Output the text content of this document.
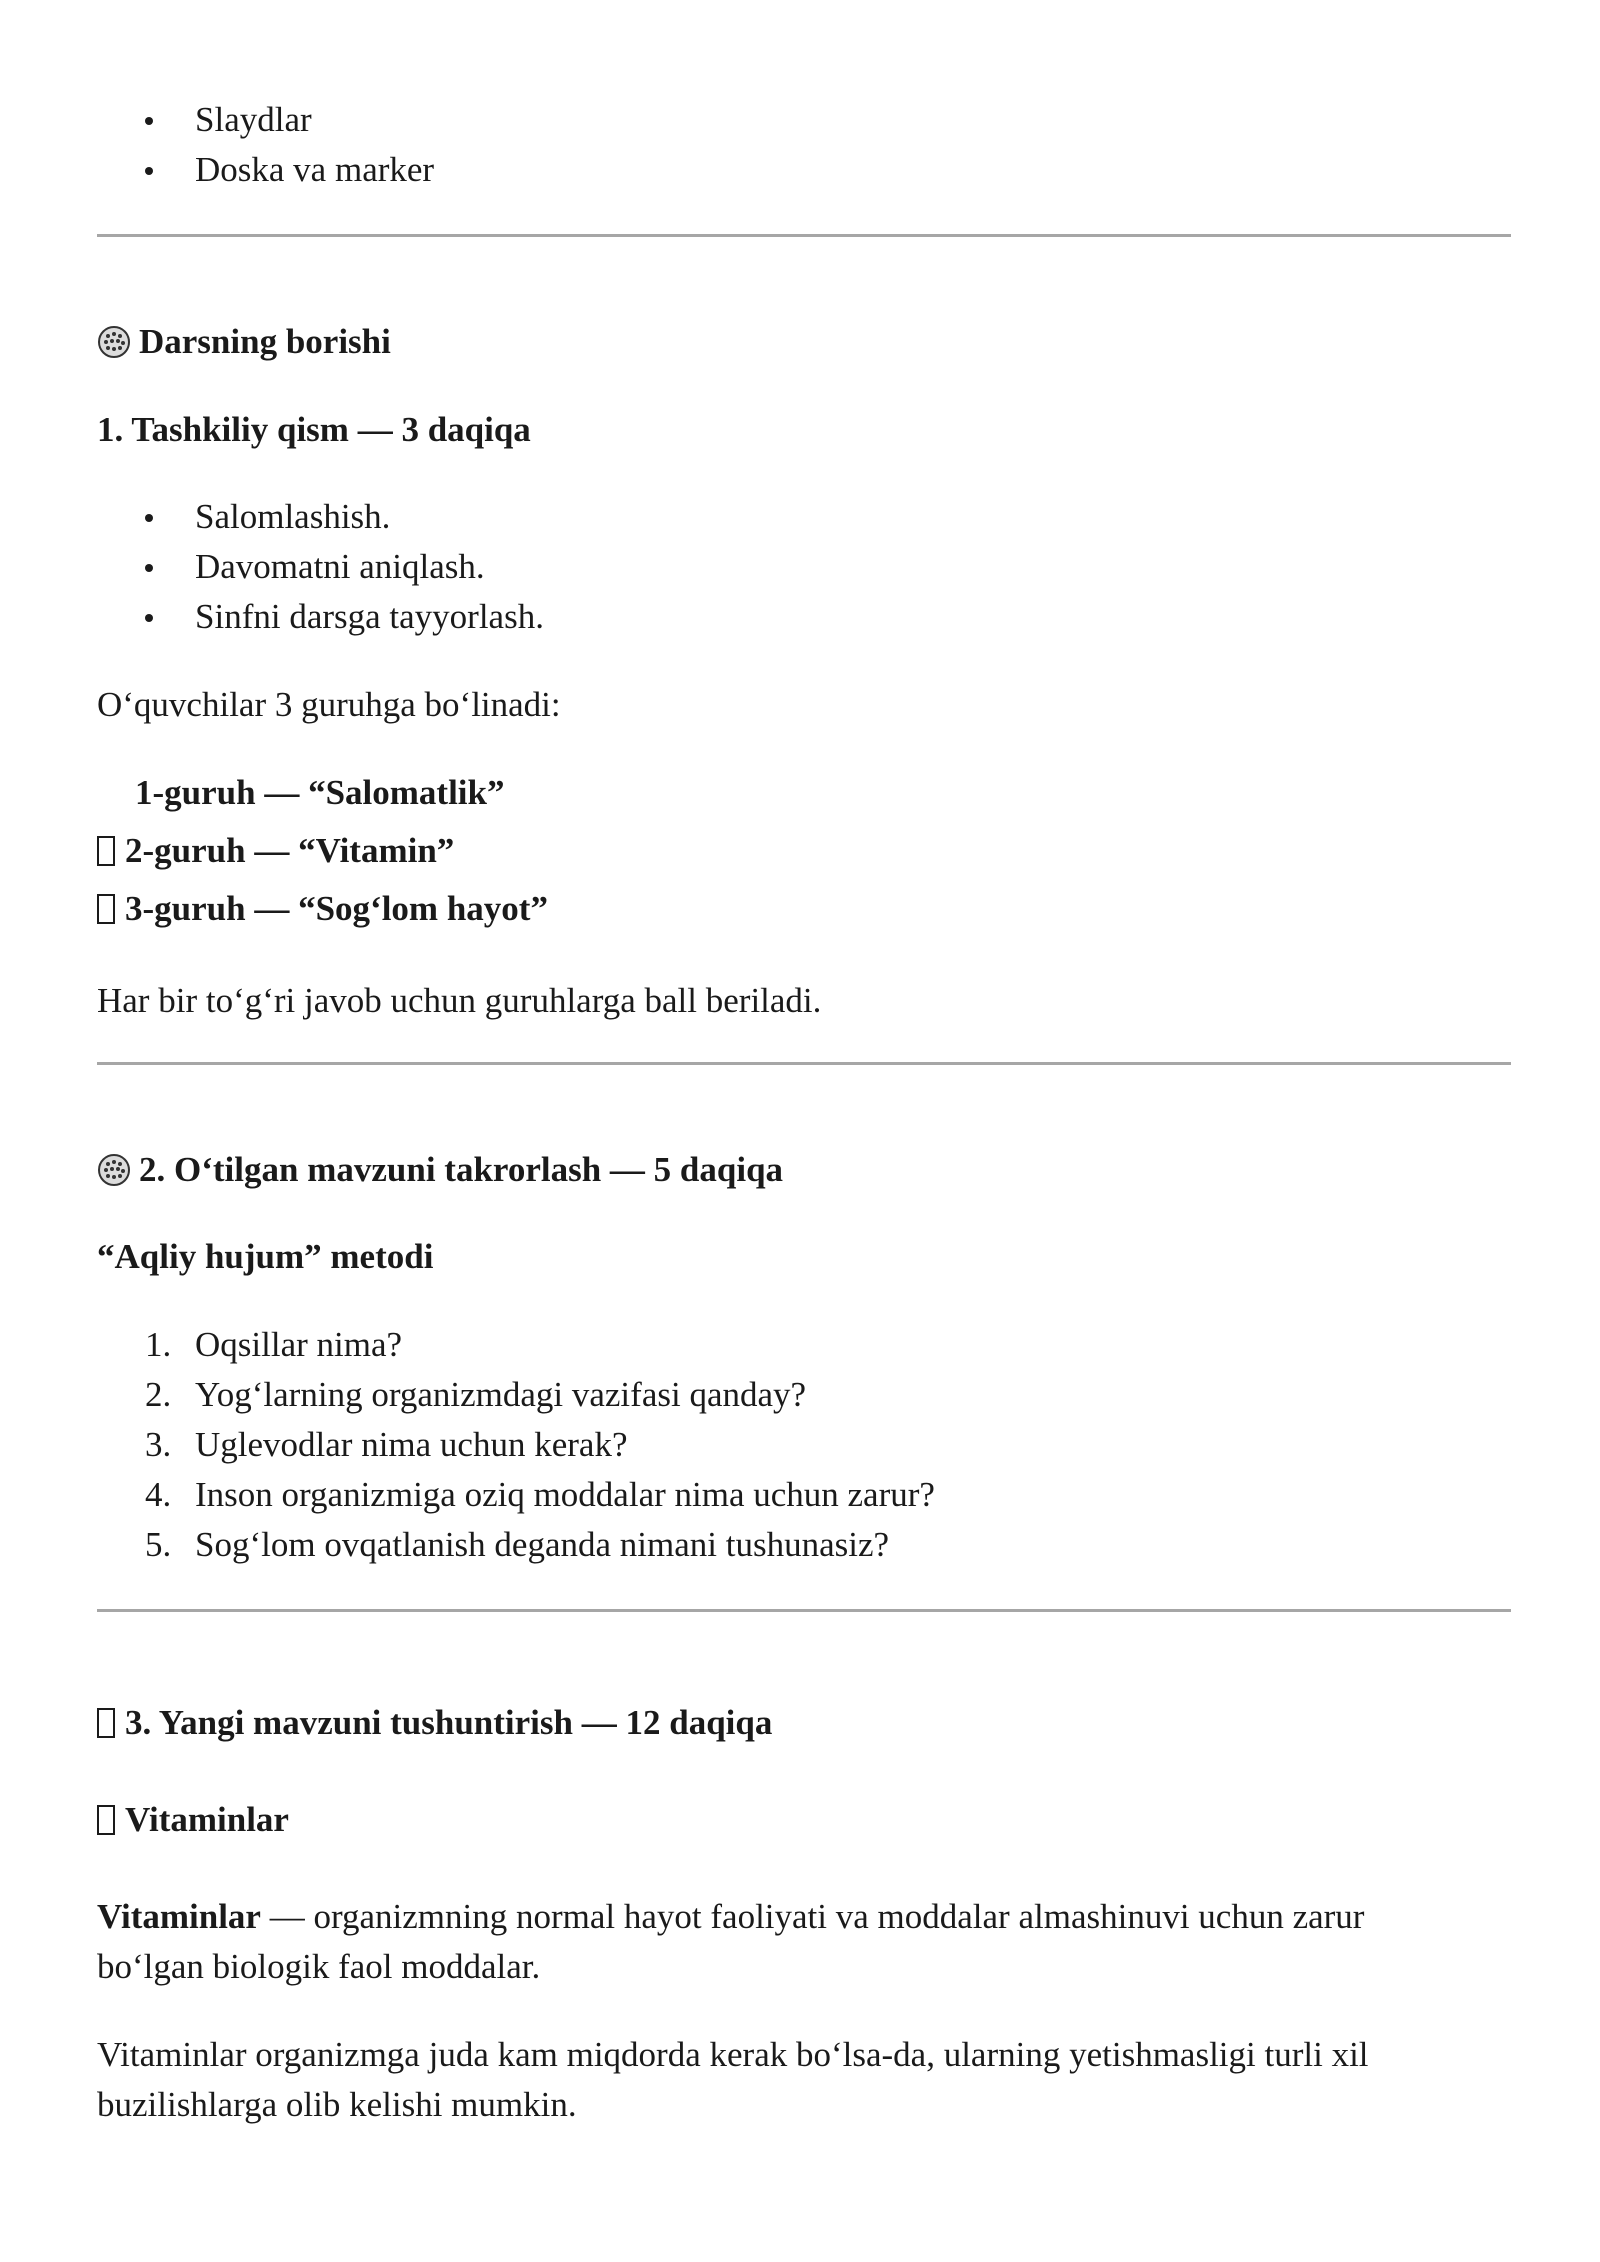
Slaydlar
Doska va marker

Darsning borishi

1. Tashkiliy qism — 3 daqiqa

Salomlashish.
Davomatni aniqlash.
Sinfni darsga tayyorlash.

O‘quvchilar 3 guruhga bo‘linadi:

1-guruh — “Salomatlik”

2-guruh — “Vitamin”

3-guruh — “Sog‘lom hayot”

Har bir to‘g‘ri javob uchun guruhlarga ball beriladi.

2. O‘tilgan mavzuni takrorlash — 5 daqiqa

“Aqliy hujum” metodi

1. Oqsillar nima?
2. Yog‘larning organizmdagi vazifasi qanday?
3. Uglevodlar nima uchun kerak?
4. Inson organizmiga oziq moddalar nima uchun zarur?
5. Sog‘lom ovqatlanish deganda nimani tushunasiz?

3. Yangi mavzuni tushuntirish — 12 daqiqa

Vitaminlar

Vitaminlar — organizmning normal hayot faoliyati va moddalar almashinuvi uchun zarur
bo‘lgan biologik faol moddalar.

Vitaminlar organizmga juda kam miqdorda kerak bo‘lsa-da, ularning yetishmasligi turli xil
buzilishlarga olib kelishi mumkin.
